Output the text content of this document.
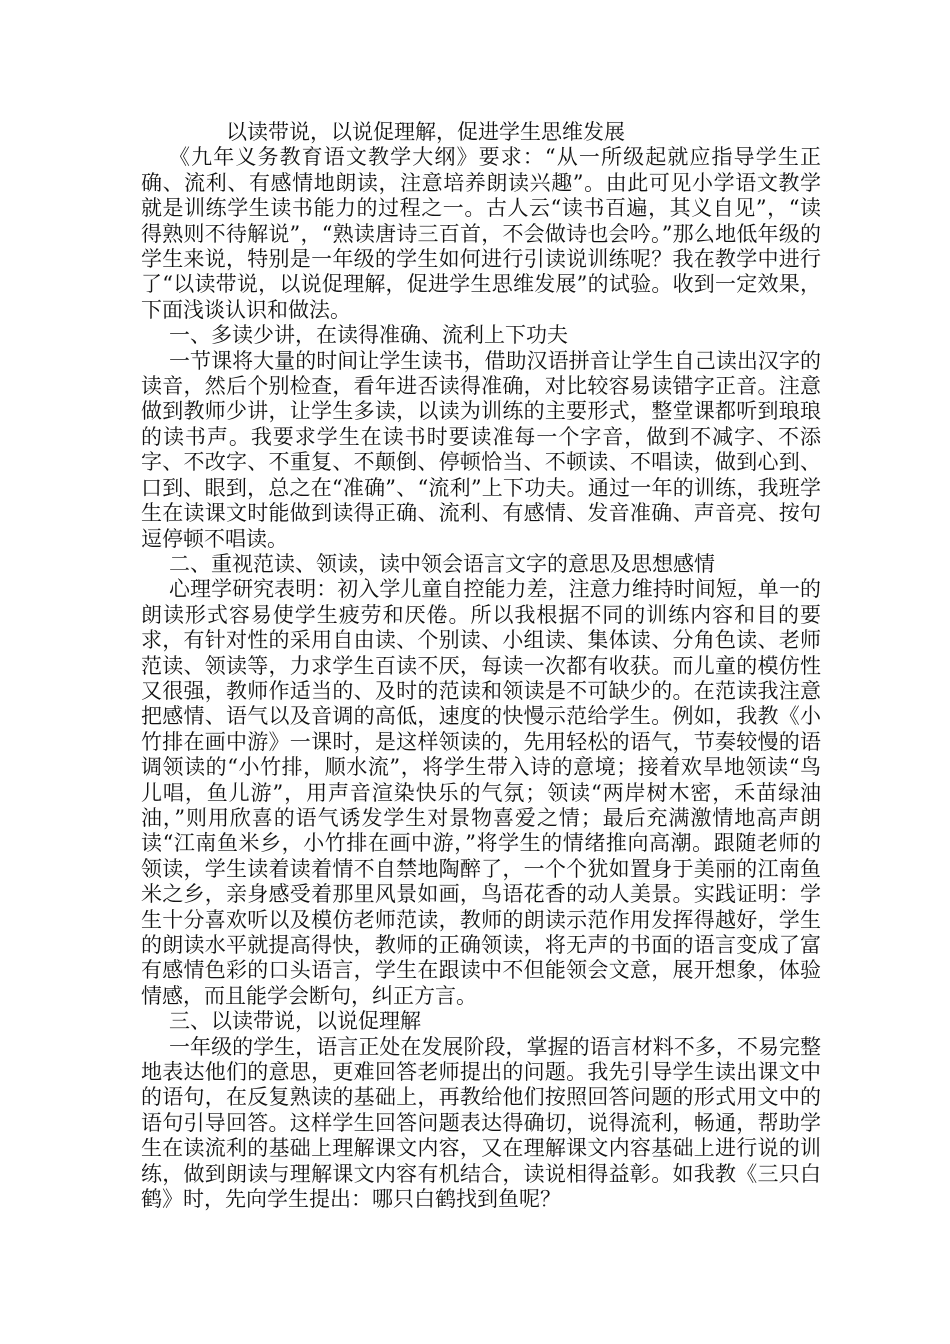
以读带说，以说促理解，促进学生思维发展

《九年义务教育语文教学大纲》要求：“从一所级起就应指导学生正确、流利、有感情地朗读，注意培养朗读兴趣”。由此可见小学语文教学就是训练学生读书能力的过程之一。古人云“读书百遍，其义自见”，“读得熟则不待解说”，“熟读唐诗三百首，不会做诗也会吟。”那么地低年级的学生来说，特别是一年级的学生如何进行引读说训练呢？我在教学中进行了“以读带说，以说促理解，促进学生思维发展”的试验。收到一定效果，下面浅谈认识和做法。

一、多读少讲，在读得准确、流利上下功夫

一节课将大量的时间让学生读书，借助汉语拼音让学生自己读出汉字的读音，然后个别检查，看年进否读得准确，对比较容易读错字正音。注意做到教师少讲，让学生多读，以读为训练的主要形式，整堂课都听到琅琅的读书声。我要求学生在读书时要读准每一个字音，做到不减字、不添字、不改字、不重复、不颠倒、停顿恰当、不顿读、不唱读，做到心到、口到、眼到，总之在“准确”、“流利”上下功夫。通过一年的训练，我班学生在读课文时能做到读得正确、流利、有感情、发音准确、声音亮、按句逗停顿不唱读。

二、重视范读、领读，读中领会语言文字的意思及思想感情

心理学研究表明：初入学儿童自控能力差，注意力维持时间短，单一的朗读形式容易使学生疲劳和厌倦。所以我根据不同的训练内容和目的要求，有针对性的采用自由读、个别读、小组读、集体读、分角色读、老师范读、领读等，力求学生百读不厌，每读一次都有收获。而儿童的模仿性又很强，教师作适当的、及时的范读和领读是不可缺少的。在范读我注意把感情、语气以及音调的高低，速度的快慢示范给学生。例如，我教《小竹排在画中游》一课时，是这样领读的，先用轻松的语气，节奏较慢的语调领读的“小竹排，顺水流”，将学生带入诗的意境；接着欢旱地领读“鸟儿唱，鱼儿游”，用声音渲染快乐的气氛；领读“两岸树木密，禾苗绿油油，”则用欣喜的语气诱发学生对景物喜爱之情；最后充满激情地高声朗读“江南鱼米乡，小竹排在画中游，”将学生的情绪推向高潮。跟随老师的领读，学生读着读着情不自禁地陶醉了，一个个犹如置身于美丽的江南鱼米之乡，亲身感受着那里风景如画，鸟语花香的动人美景。实践证明：学生十分喜欢听以及模仿老师范读，教师的朗读示范作用发挥得越好，学生的朗读水平就提高得快，教师的正确领读，将无声的书面的语言变成了富有感情色彩的口头语言，学生在跟读中不但能领会文意，展开想象，体验情感，而且能学会断句，纠正方言。

三、以读带说，以说促理解

一年级的学生，语言正处在发展阶段，掌握的语言材料不多，不易完整地表达他们的意思，更难回答老师提出的问题。我先引导学生读出课文中的语句，在反复熟读的基础上，再教给他们按照回答问题的形式用文中的语句引导回答。这样学生回答问题表达得确切，说得流利，畅通，帮助学生在读流利的基础上理解课文内容，又在理解课文内容基础上进行说的训练，做到朗读与理解课文内容有机结合，读说相得益彰。如我教《三只白鹤》时，先向学生提出：哪只白鹤找到鱼呢？
